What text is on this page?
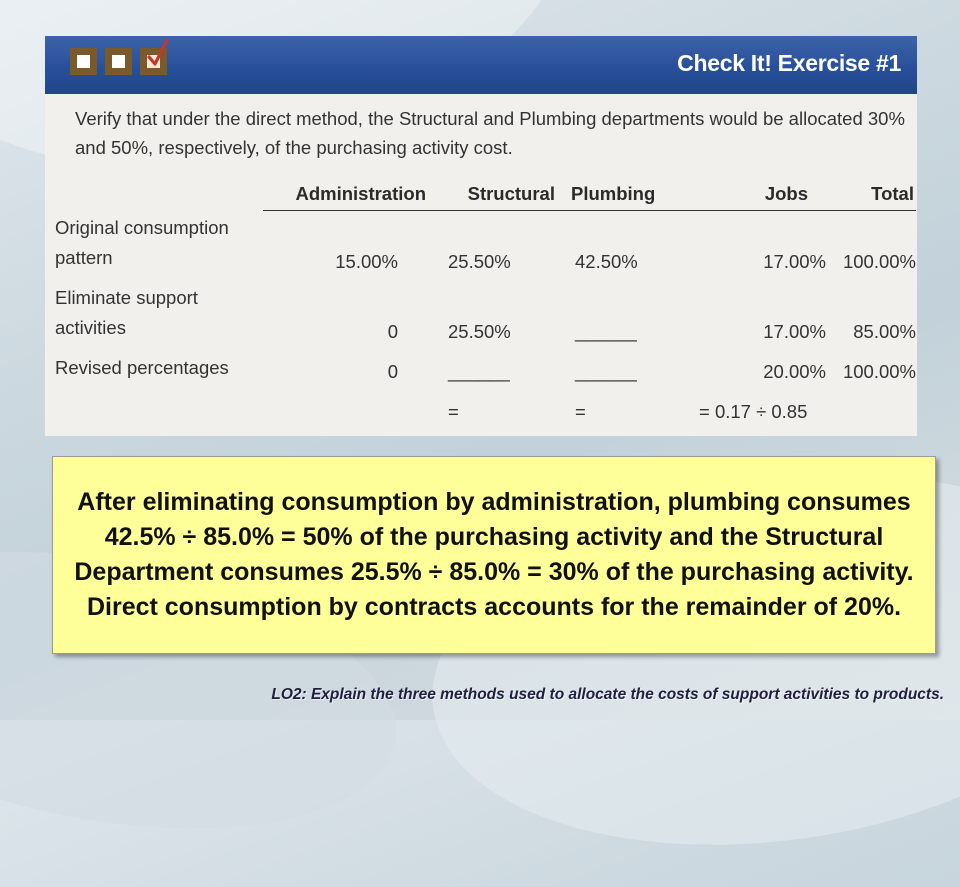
Check It! Exercise #1
Verify that under the direct method, the Structural and Plumbing departments would be allocated 30% and 50%, respectively, of the purchasing activity cost.
	Administration	Structural	Plumbing	Jobs	Total
Original consumption pattern	15.00%	25.50%	42.50%	17.00%	100.00%
Eliminate support activities	0	25.50%	______	17.00%	85.00%
Revised percentages	0	______	______	20.00%	100.00%
		=	=	= 0.17 ÷ 0.85	
After eliminating consumption by administration, plumbing consumes 42.5% ÷ 85.0% = 50% of the purchasing activity and the Structural Department consumes 25.5% ÷ 85.0% = 30% of the purchasing activity. Direct consumption by contracts accounts for the remainder of 20%.
LO2: Explain the three methods used to allocate the costs of support activities to products.
